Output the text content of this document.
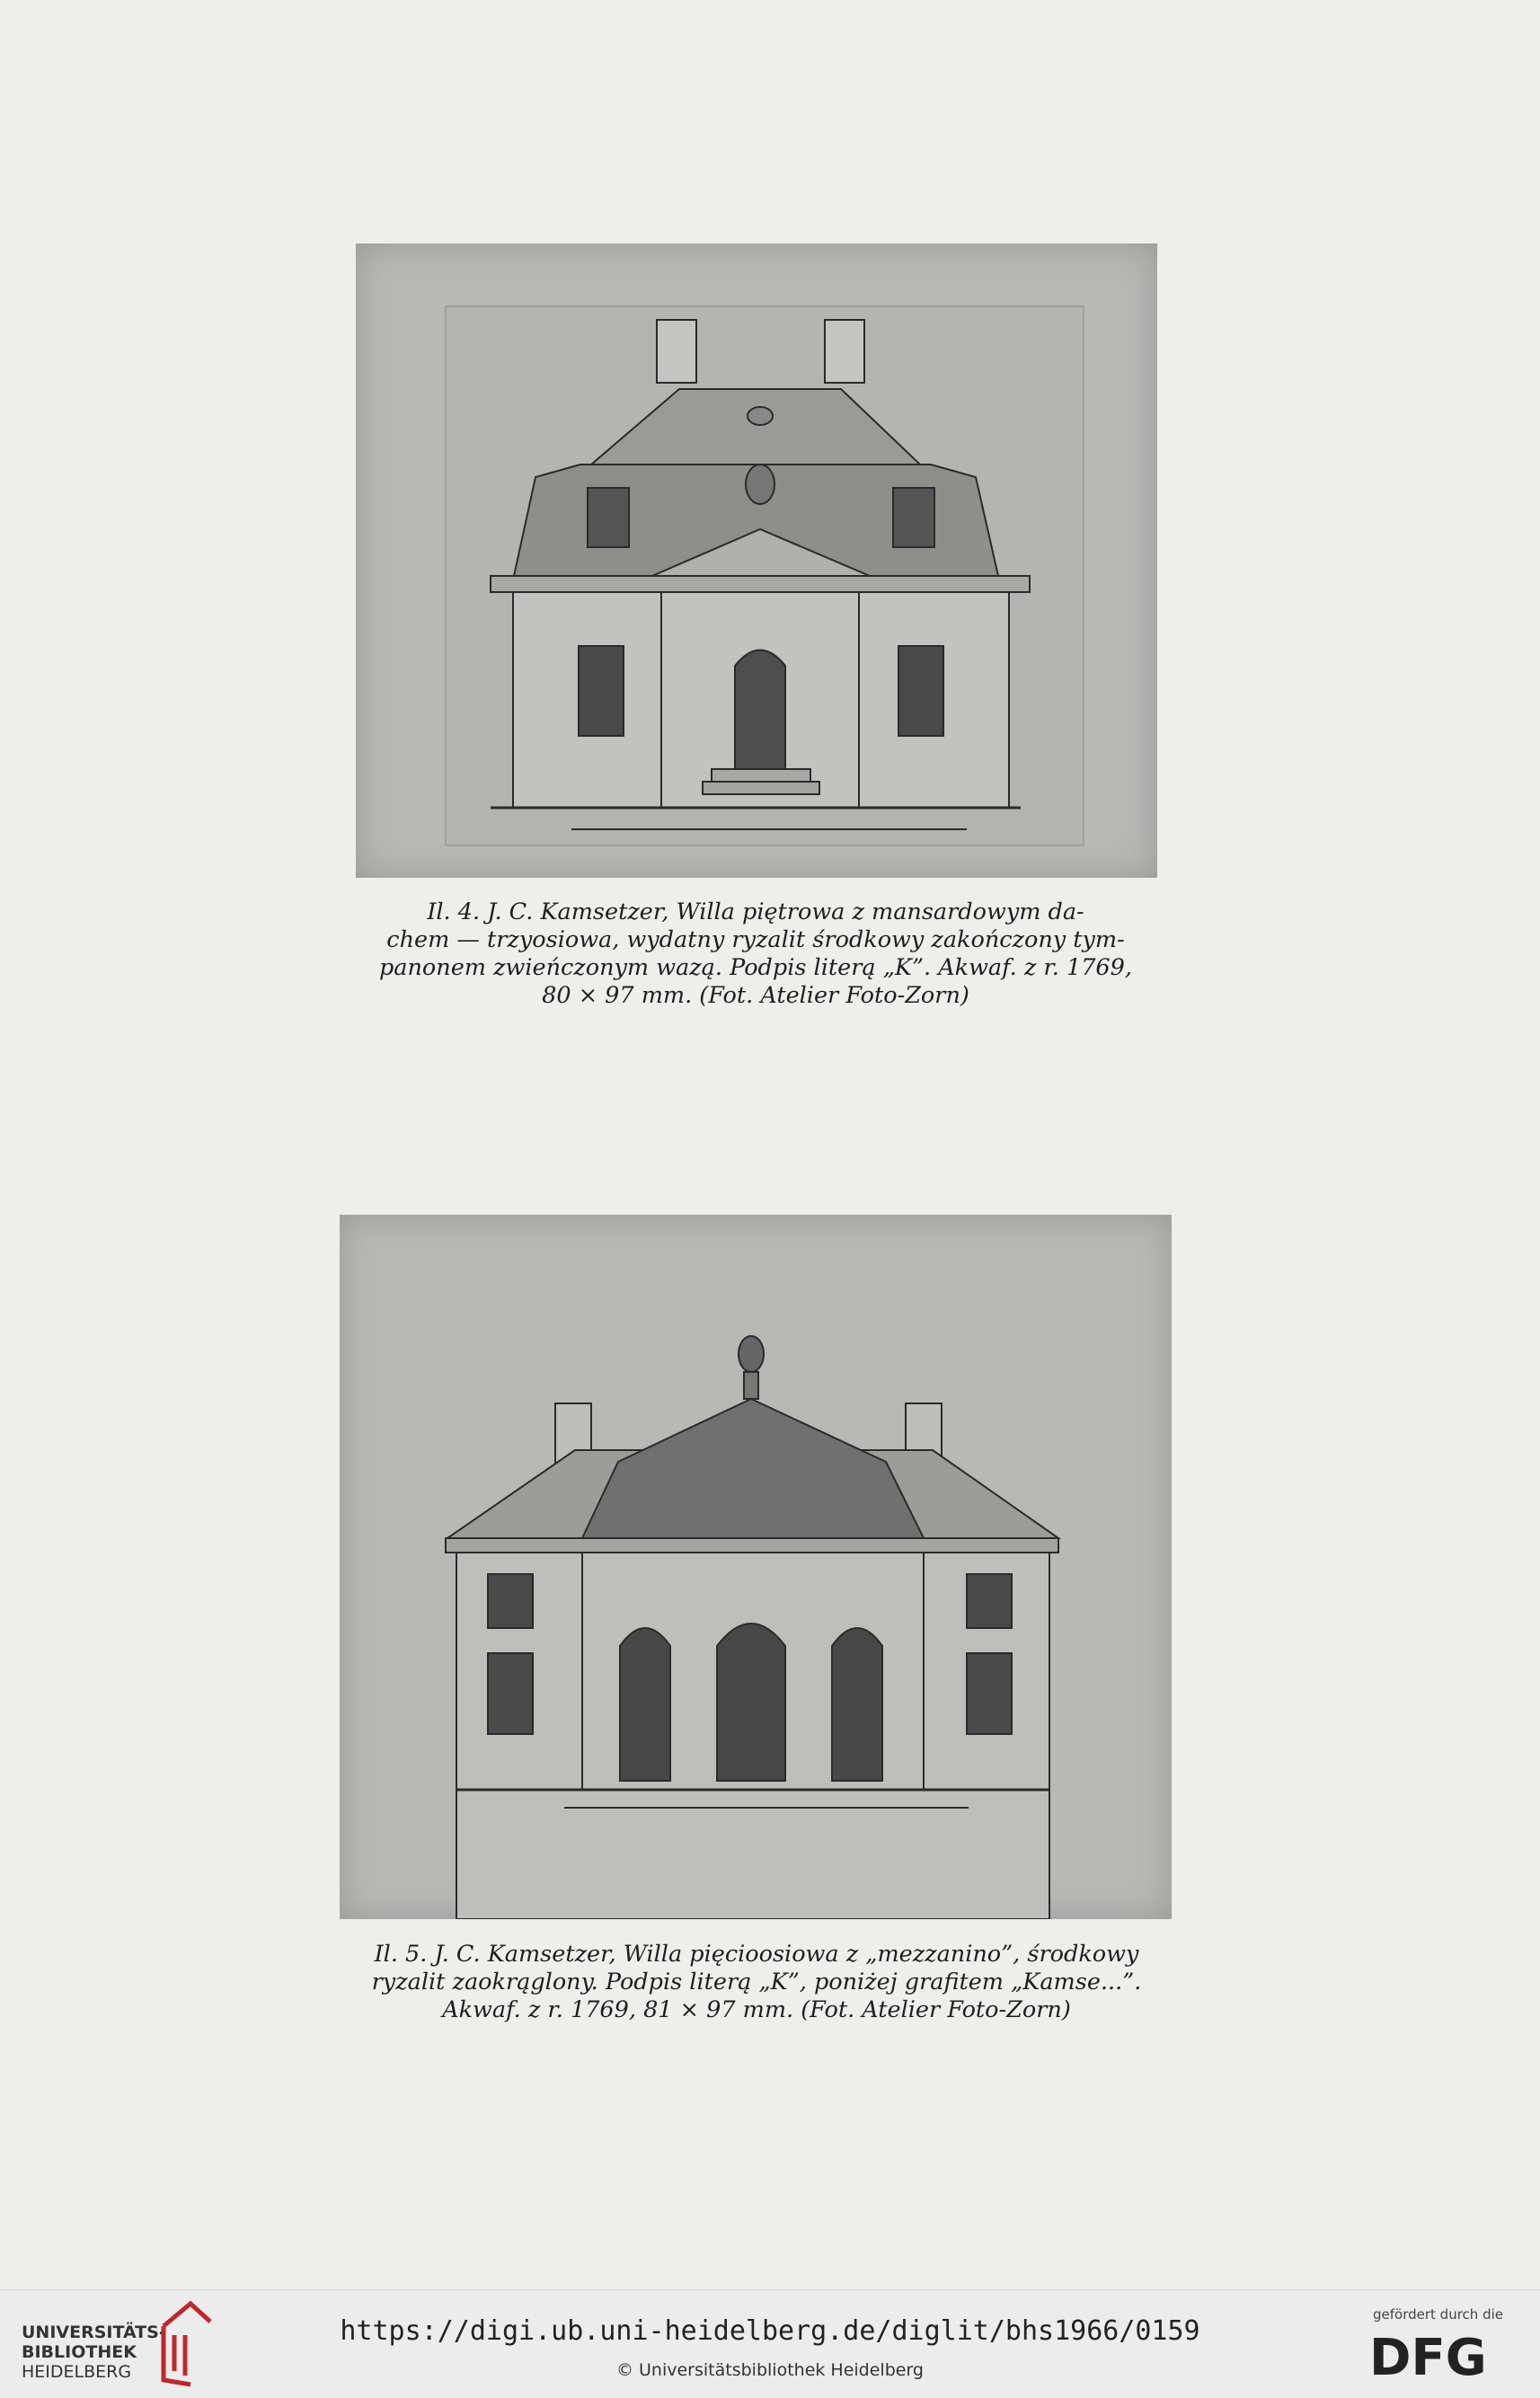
Il. 4. J. C. Kamsetzer, Willa piętrowa z mansardowym da-
chem — trzyosiowa, wydatny ryzalit środkowy zakończony tym-
panonem zwieńczonym wazą. Podpis literą „K”. Akwaf. z r. 1769,
80 × 97 mm. (Fot. Atelier Foto-Zorn)
Il. 5. J. C. Kamsetzer, Willa pięcioosiowa z „mezzanino”, środkowy
ryzalit zaokrąglony. Podpis literą „K”, poniżej grafitem „Kamse...”.
Akwaf. z r. 1769, 81 × 97 mm. (Fot. Atelier Foto-Zorn)
UNIVERSITÄTS-
BIBLIOTHEK
HEIDELBERG
https://digi.ub.uni-heidelberg.de/diglit/bhs1966/0159
© Universitätsbibliothek Heidelberg
gefördert durch die
DFG
